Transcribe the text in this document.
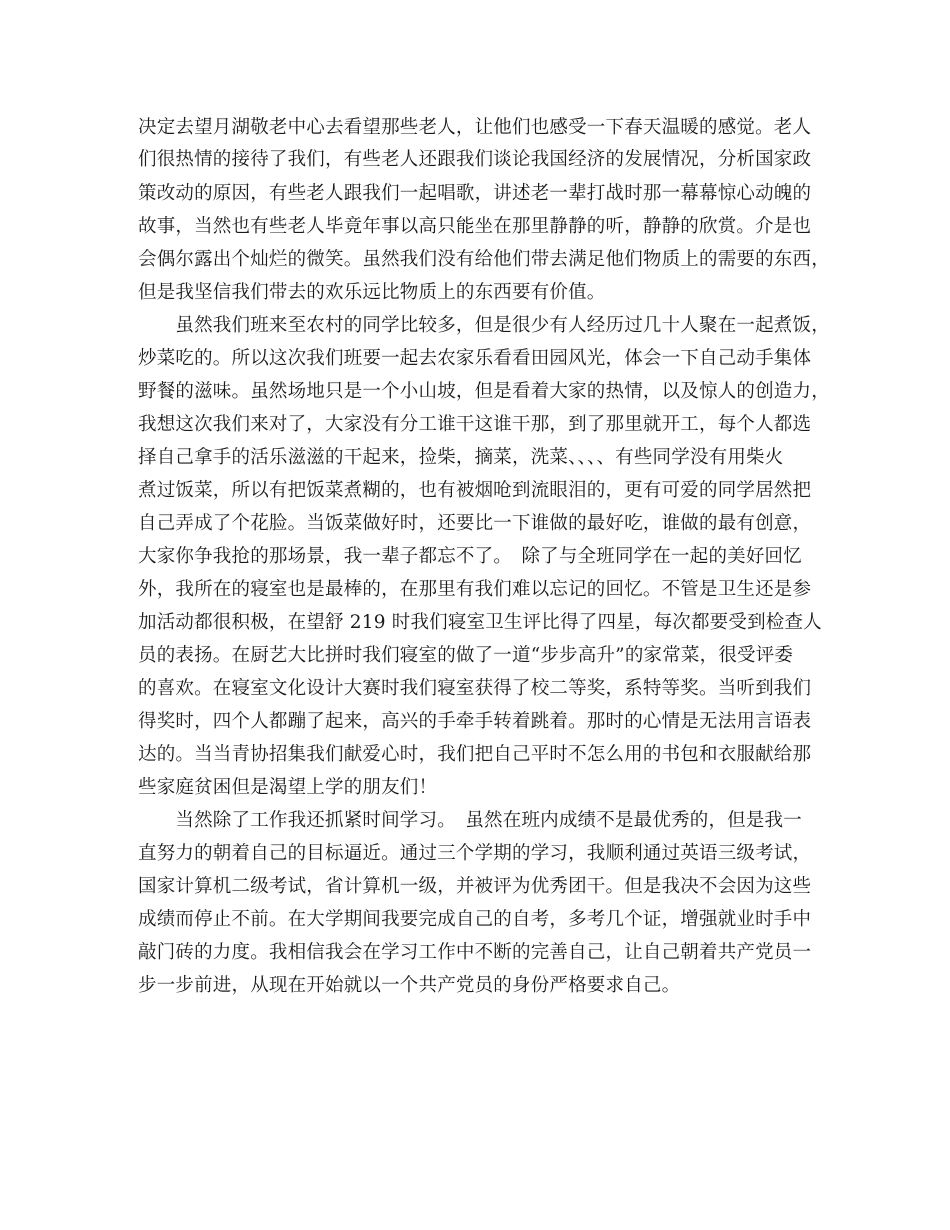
决定去望月湖敬老中心去看望那些老人，让他们也感受一下春天温暖的感觉。老人
们很热情的接待了我们，有些老人还跟我们谈论我国经济的发展情况，分析国家政
策改动的原因，有些老人跟我们一起唱歌，讲述老一辈打战时那一幕幕惊心动魄的
故事，当然也有些老人毕竟年事以高只能坐在那里静静的听，静静的欣赏。介是也
会偶尔露出个灿烂的微笑。虽然我们没有给他们带去满足他们物质上的需要的东西，
但是我坚信我们带去的欢乐远比物质上的东西要有价值。
　　虽然我们班来至农村的同学比较多，但是很少有人经历过几十人聚在一起煮饭，
炒菜吃的。所以这次我们班要一起去农家乐看看田园风光，体会一下自己动手集体
野餐的滋味。虽然场地只是一个小山坡，但是看着大家的热情，以及惊人的创造力，
我想这次我们来对了，大家没有分工谁干这谁干那，到了那里就开工，每个人都选
择自己拿手的活乐滋滋的干起来，捡柴，摘菜，洗菜、、、、有些同学没有用柴火
煮过饭菜，所以有把饭菜煮糊的，也有被烟呛到流眼泪的，更有可爱的同学居然把
自己弄成了个花脸。当饭菜做好时，还要比一下谁做的最好吃，谁做的最有创意，
大家你争我抢的那场景，我一辈子都忘不了。　除了与全班同学在一起的美好回忆
外，我所在的寝室也是最棒的，在那里有我们难以忘记的回忆。不管是卫生还是参
加活动都很积极，在望舒 219 时我们寝室卫生评比得了四星，每次都要受到检查人
员的表扬。在厨艺大比拼时我们寝室的做了一道“步步高升”的家常菜，很受评委
的喜欢。在寝室文化设计大赛时我们寝室获得了校二等奖，系特等奖。当听到我们
得奖时，四个人都蹦了起来，高兴的手牵手转着跳着。那时的心情是无法用言语表
达的。当当青协招集我们献爱心时，我们把自己平时不怎么用的书包和衣服献给那
些家庭贫困但是渴望上学的朋友们！
　　当然除了工作我还抓紧时间学习。　虽然在班内成绩不是最优秀的，但是我一
直努力的朝着自己的目标逼近。通过三个学期的学习，我顺利通过英语三级考试，
国家计算机二级考试，省计算机一级，并被评为优秀团干。但是我决不会因为这些
成绩而停止不前。在大学期间我要完成自己的自考，多考几个证，增强就业时手中
敲门砖的力度。我相信我会在学习工作中不断的完善自己，让自己朝着共产党员一
步一步前进，从现在开始就以一个共产党员的身份严格要求自己。
